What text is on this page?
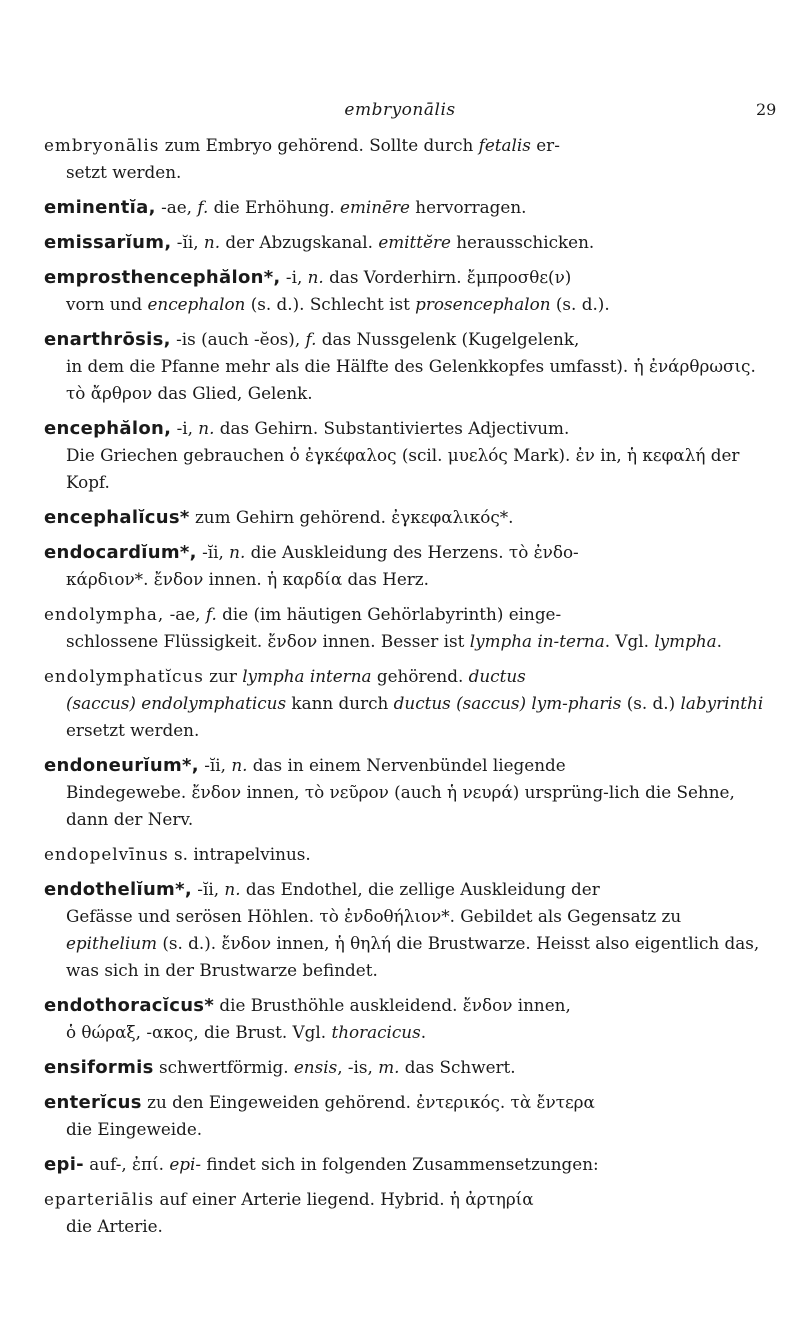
embryonālis	29

embryonālis zum Embryo gehörend. Sollte durch fetalis er-
setzt werden.

eminentĭa, -ae, f. die Erhöhung. eminēre hervorragen.

emissarĭum, -ĭi, n. der Abzugskanal. emittĕre herausschicken.

emprosthencephălon*, -i, n. das Vorderhirn. ἔμπροσθε(ν)
vorn und encephalon (s. d.). Schlecht ist prosencephalon (s. d.).

enarthrōsis, -is (auch -ĕos), f. das Nussgelenk (Kugelgelenk,
in dem die Pfanne mehr als die Hälfte des Gelenkkopfes umfasst). ἡ ἐνάρθρωσις. τὸ ἄρθρον das Glied, Gelenk.

encephălon, -i, n. das Gehirn. Substantiviertes Adjectivum.
Die Griechen gebrauchen ὁ ἐγκέφαλος (scil. μυελός Mark). ἐν in, ἡ κεφαλή der Kopf.

encephalĭcus* zum Gehirn gehörend. ἐγκεφαλικός*.

endocardĭum*, -ĭi, n. die Auskleidung des Herzens. τὸ ἐνδο-
κάρδιον*. ἔνδον innen. ἡ καρδία das Herz.

endolympha, -ae, f. die (im häutigen Gehörlabyrinth) einge-
schlossene Flüssigkeit. ἔνδον innen. Besser ist lympha in-terna. Vgl. lympha.

endolymphatĭcus zur lympha interna gehörend. ductus
(saccus) endolymphaticus kann durch ductus (saccus) lym-pharis (s. d.) labyrinthi ersetzt werden.

endoneurĭum*, -ĭi, n. das in einem Nervenbündel liegende
Bindegewebe. ἔνδον innen, τὸ νεῦρον (auch ἡ νευρά) ursprüng-lich die Sehne, dann der Nerv.

endopelvīnus s. intrapelvinus.

endothelĭum*, -ĭi, n. das Endothel, die zellige Auskleidung der
Gefässe und serösen Höhlen. τὸ ἐνδοθήλιον*. Gebildet als Gegensatz zu epithelium (s. d.). ἔνδον innen, ἡ θηλή die Brustwarze. Heisst also eigentlich das, was sich in der Brustwarze befindet.

endothoracĭcus* die Brusthöhle auskleidend. ἔνδον innen,
ὁ θώραξ, -ακος, die Brust. Vgl. thoracicus.

ensiformis schwertförmig. ensis, -is, m. das Schwert.

enterĭcus zu den Eingeweiden gehörend. ἐντερικός. τὰ ἔντερα
die Eingeweide.

epi- auf-, ἐπί. epi- findet sich in folgenden Zusammensetzungen:

eparteriālis auf einer Arterie liegend. Hybrid. ἡ ἀρτηρία
die Arterie.
